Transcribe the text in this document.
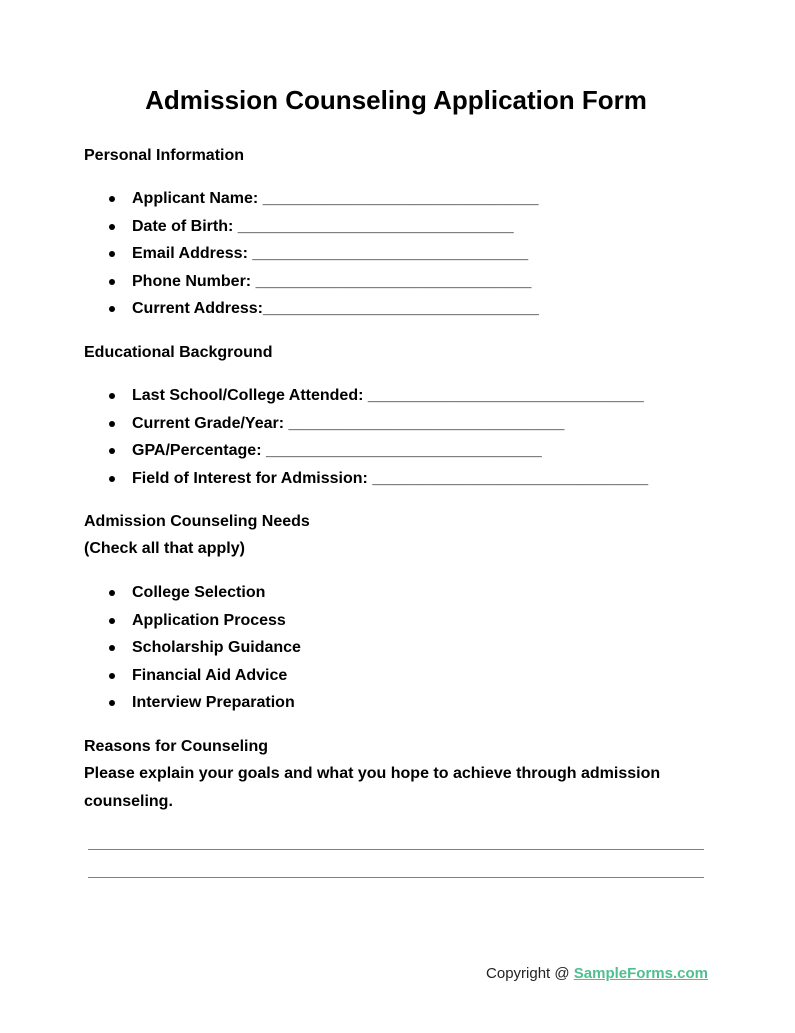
Admission Counseling Application Form
Personal Information
Applicant Name: _______________________________
Date of Birth: _______________________________
Email Address: _______________________________
Phone Number: _______________________________
Current Address:_______________________________
Educational Background
Last School/College Attended: _______________________________
Current Grade/Year: _______________________________
GPA/Percentage: _______________________________
Field of Interest for Admission: _______________________________
Admission Counseling Needs
(Check all that apply)
College Selection
Application Process
Scholarship Guidance
Financial Aid Advice
Interview Preparation
Reasons for Counseling

Please explain your goals and what you hope to achieve through admission counseling.

Copyright @ SampleForms.com
